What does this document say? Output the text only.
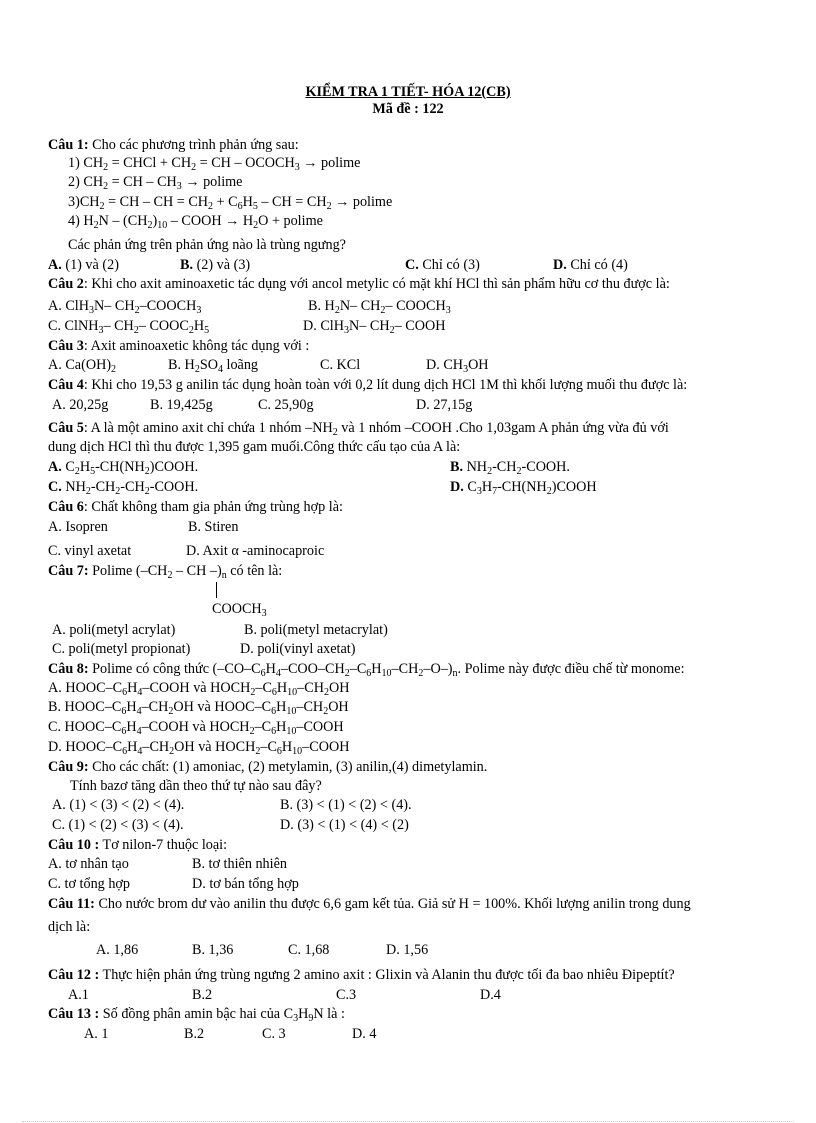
KIỂM TRA 1 TIẾT- HÓA 12(CB)
Mã đề : 122
Câu 1: Cho các phương trình phản ứng sau:
1) $CH_2$ = CHCl + $CH_2$ = CH – $OCOCH_3 \to polime$
2) $CH_2$ = CH – $CH_3 \to polime$
$3)CH_2$ = CH – CH = $CH_2 + C_6H_5$ – CH = $CH_2 \to polime$
4) $H_2N - (CH_2)_{10}$ – COOH → $H_2O + polime$
Các phản ứng trên phản ứng nào là trùng ngưng?
A. (1) và (2)	B. (2) và (3)	C. Chỉ có (3)	D. Chỉ có (4)
Câu 2: Khi cho axit aminoaxetic tác dụng với ancol metylic có mặt khí HCl thì sản phẩm hữu cơ thu được là:
A. ClH$_3$N– $CH_2-COOCH_3$	B. $H_2N-$ $CH_2-$ $COOCH_3$
C. ClNH$_3$– $CH_2-$ $COOC_2H_5$	D. ClH$_3$N– $CH_2-$ COOH
Câu 3: Axit aminoaxetic không tác dụng với :
A. $Ca(OH)_2$	B. $H_2SO_4$ loãng	C. KCl	D. $CH_3OH$
Câu 4: Khi cho 19,53 g anilin tác dụng hoàn toàn với 0,2 lít dung dịch HCl 1M thì khối lượng muối thu được là:
A. 20,25g	B. 19,425g	C. 25,90g	D. 27,15g
Câu 5: A là một amino axit chỉ chứa 1 nhóm $-NH_2$ và 1 nhóm –COOH .Cho 1,03gam A phản ứng vừa đủ với
dung dịch HCl thì thu được 1,395 gam muối.Công thức cấu tạo của A là:
A. $C_2H_5-CH(NH_2)COOH$.	B. $NH_2-CH_2$-COOH.
C. $NH_2-CH_2-CH_2$-COOH.	D. $C_3H_7-CH(NH_2)COOH$
Câu 6: Chất không tham gia phản ứng trùng hợp là:
A. Isopren	B. Stiren
C. vinyl axetat	D. Axit α -aminocaproic
Câu 7: Polime ($-CH_2$ – CH $-)_n$ có tên là:
$COOCH_3$
A. poli(metyl acrylat)	B. poli(metyl metacrylat)
C. poli(metyl propionat)	D. poli(vinyl axetat)
Câu 8: Polime có công thức $(-CO-C_6H_4-COO-CH_2-C_6H_{10}-CH_2-O-)_n$. Polime này được điều chế từ monome:
A. HOOC–$C_6H_4$–COOH và $HOCH_2-C_6H_{10}-CH_2OH$
B. HOOC–$C_6H_4-CH_2OH$ và HOOC–$C_6H_{10}-CH_2OH$
C. HOOC–$C_6H_4$–COOH và $HOCH_2-C_6H_{10}$–COOH
D. HOOC–$C_6H_4-CH_2OH$ và $HOCH_2-C_6H_{10}$–COOH
Câu 9: Cho các chất: (1) amoniac, (2) metylamin, (3) anilin,(4) dimetylamin.
Tính bazơ tăng dần theo thứ tự nào sau đây?
A. (1) < (3) < (2) < (4).	B. (3) < (1) < (2) < (4).
C. (1) < (2) < (3) < (4).	D. (3) < (1) < (4) < (2)
Câu 10 : Tơ nilon-7 thuộc loại:
A. tơ nhân tạo	B. tơ thiên nhiên
C. tơ tổng hợp	D. tơ bán tổng hợp
Câu 11: Cho nước brom dư vào anilin thu được 6,6 gam kết tủa. Giả sử H = 100%. Khối lượng anilin trong dung
dịch là:
A. 1,86	B. 1,36	C. 1,68	D. 1,56
Câu 12 : Thực hiện phản ứng trùng ngưng 2 amino axit : Glixin và Alanin thu được tối đa bao nhiêu Đipeptít?
A.1	B.2	C.3	D.4
Câu 13 : Số đồng phân amin bậc hai của $C_3H_9N$ là :
A. 1	B.2	C. 3	D. 4
